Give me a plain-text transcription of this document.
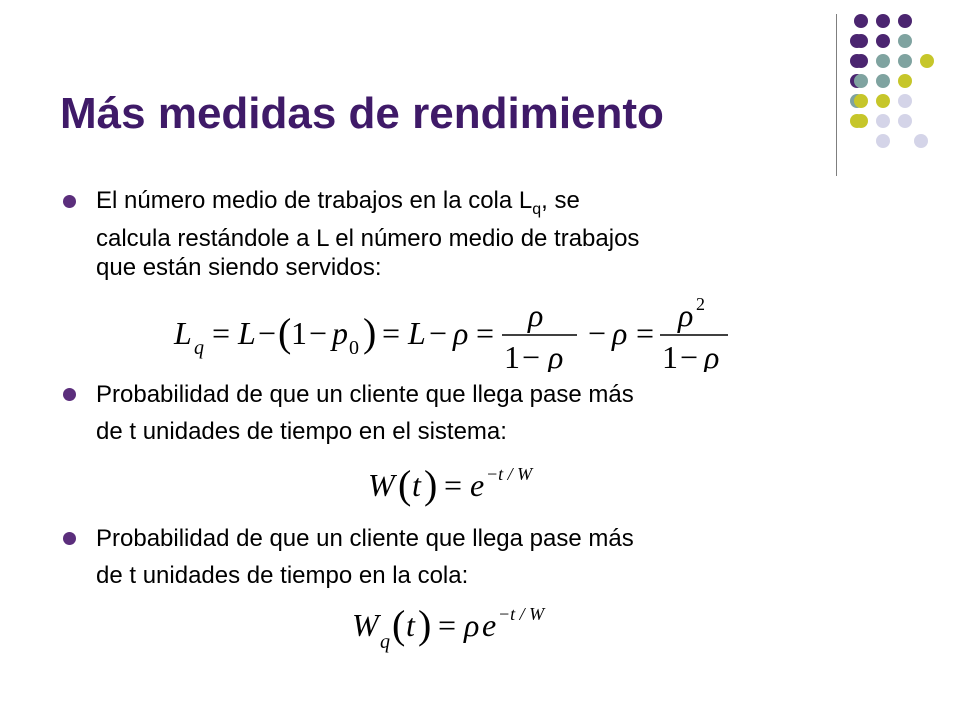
Más medidas de rendimiento
El número medio de trabajos en la cola $L_q$, se
calcula restándole a L el número medio de trabajos
que están siendo servidos:
L q = L − ( 1 − p 0 ) = L − ρ = ρ
1 − ρ
− ρ = ρ 2
1 − ρ
Probabilidad de que un cliente que llega pase más
de t unidades de tiempo en el sistema:
W ( t ) = e −t / W
Probabilidad de que un cliente que llega pase más
de t unidades de tiempo en la cola:
W q ( t ) = ρ e −t / W
